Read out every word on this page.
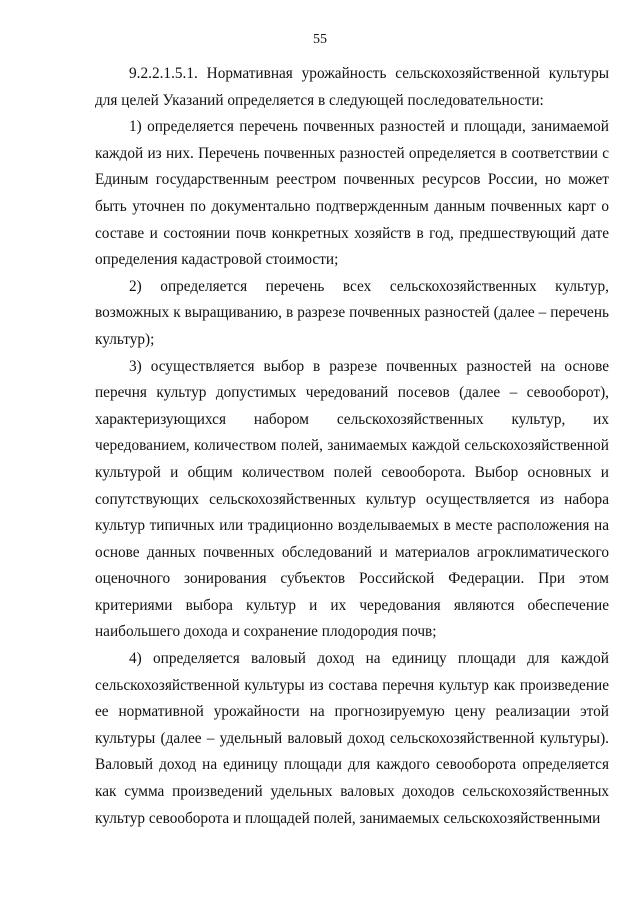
55

9.2.2.1.5.1. Нормативная урожайность сельскохозяйственной культуры для целей Указаний определяется в следующей последовательности:

1) определяется перечень почвенных разностей и площади, занимаемой каждой из них. Перечень почвенных разностей определяется в соответствии с Единым государственным реестром почвенных ресурсов России, но может быть уточнен по документально подтвержденным данным почвенных карт о составе и состоянии почв конкретных хозяйств в год, предшествующий дате определения кадастровой стоимости;

2) определяется перечень всех сельскохозяйственных культур, возможных к выращиванию, в разрезе почвенных разностей (далее – перечень культур);

3) осуществляется выбор в разрезе почвенных разностей на основе перечня культур допустимых чередований посевов (далее – севооборот), характеризующихся набором сельскохозяйственных культур, их чередованием, количеством полей, занимаемых каждой сельскохозяйственной культурой и общим количеством полей севооборота. Выбор основных и сопутствующих сельскохозяйственных культур осуществляется из набора культур типичных или традиционно возделываемых в месте расположения на основе данных почвенных обследований и материалов агроклиматического оценочного зонирования субъектов Российской Федерации. При этом критериями выбора культур и их чередования являются обеспечение наибольшего дохода и сохранение плодородия почв;

4) определяется валовый доход на единицу площади для каждой сельскохозяйственной культуры из состава перечня культур как произведение ее нормативной урожайности на прогнозируемую цену реализации этой культуры (далее – удельный валовый доход сельскохозяйственной культуры). Валовый доход на единицу площади для каждого севооборота определяется как сумма произведений удельных валовых доходов сельскохозяйственных культур севооборота и площадей полей, занимаемых сельскохозяйственными
